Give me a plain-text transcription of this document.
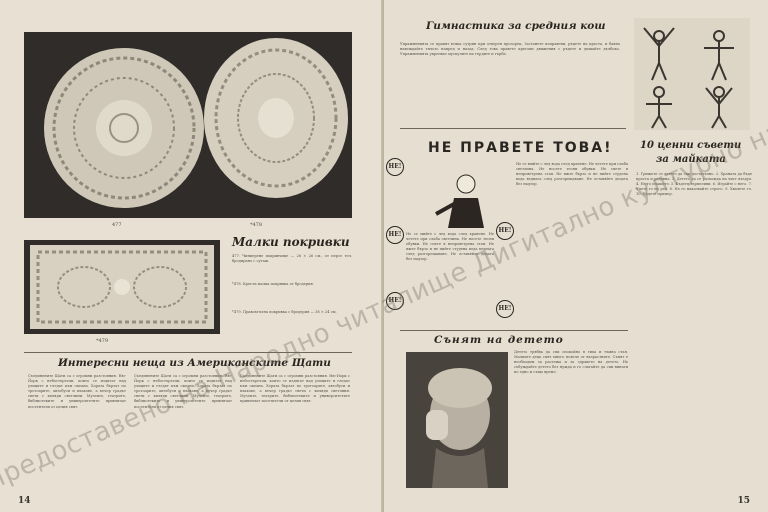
477	*478
*479
Малки покривки
477. Чиниерене покривчице — 26 × 26 см., от персе тел. брoдирано с сутаж.
*478. Кръгла малка покривка от бродерия.
*479. Правоъгълна покривка с бродерия — 38 × 24 см.
Интересни неща из Американските Щати
Съединените Щати са с огромни разстояния. Ню-Йорк с небостъргачи, които се издигат над улиците и гледат към океана. Хората бързат по тротоарите, автобуси и влакове, а вечер градът свети с хиляди светлини. Музеите, театрите, библиотеките и университетите привличат посетители от целия свят.
Съединените Щати са с огромни разстояния. Ню-Йорк с небостъргачи, които се издигат над улиците и гледат към океана. Хората бързат по тротоарите, автобуси и влакове, а вечер градът свети с хиляди светлини. Музеите, театрите, библиотеките и университетите привличат посетители от целия свят.
Съединените Щати са с огромни разстояния. Ню-Йорк с небостъргачи, които се издигат над улиците и гледат към океана. Хората бързат по тротоарите, автобуси и влакове, а вечер градът свети с хиляди светлини. Музеите, театрите, библиотеките и университетите привличат посетители от целия свят.
14
Гимнастика за средния кош
Упражненията се правят всяка сутрин при отворен прозорец. Застанете изправени, ръцете на кръста, и бавно навеждайте тялото напред и назад. След това правете кръгови движения с ръцете и дишайте дълбоко. Упражненията укрепват мускулите на гърдите и гърба.
НЕ ПРАВЕТЕ ТОВА!
НЕ!
НЕ!
НЕ!
НЕ!
НЕ!
Не се мийте с лед вода след хранене. Не четете при слаба светлина. Не носете тесни обувки. Не спете в непроветрена стая. Не яжте бързо и не пийте студена вода веднага след разгорещаване. Не оставяйте децата без надзор.
Не се мийте с лед вода след хранене. Не четете при слаба светлина. Не носете тесни обувки. Не спете в непроветрена стая. Не яжте бързо и не пийте студена вода веднага след разгорещаване. Не оставяйте децата без надзор.
10 ценни съвети
за майката
1. Грижете се детето да спи достатъчно. 2. Храната да бъде проста и редовна. 3. Детето да се разхожда на чист въздух. 4. Не го плашете. 5. Бъдете търпеливи. 6. Играйте с него. 7. Учете го на ред. 8. Не го наказвайте строго. 9. Хвалете го. 10. Бъдете пример.
Сънят на детето
Детето трябва да спи спокойно в тиха и тъмна стая. Малките деца спят много повече от възрастните. Сънят е необходим за растежа и за здравето на детето. Не събуждайте детето без нужда и го слагайте да спи винаги по едно и също време.
15
Предоставено на Народно читалище Дигитално културно
